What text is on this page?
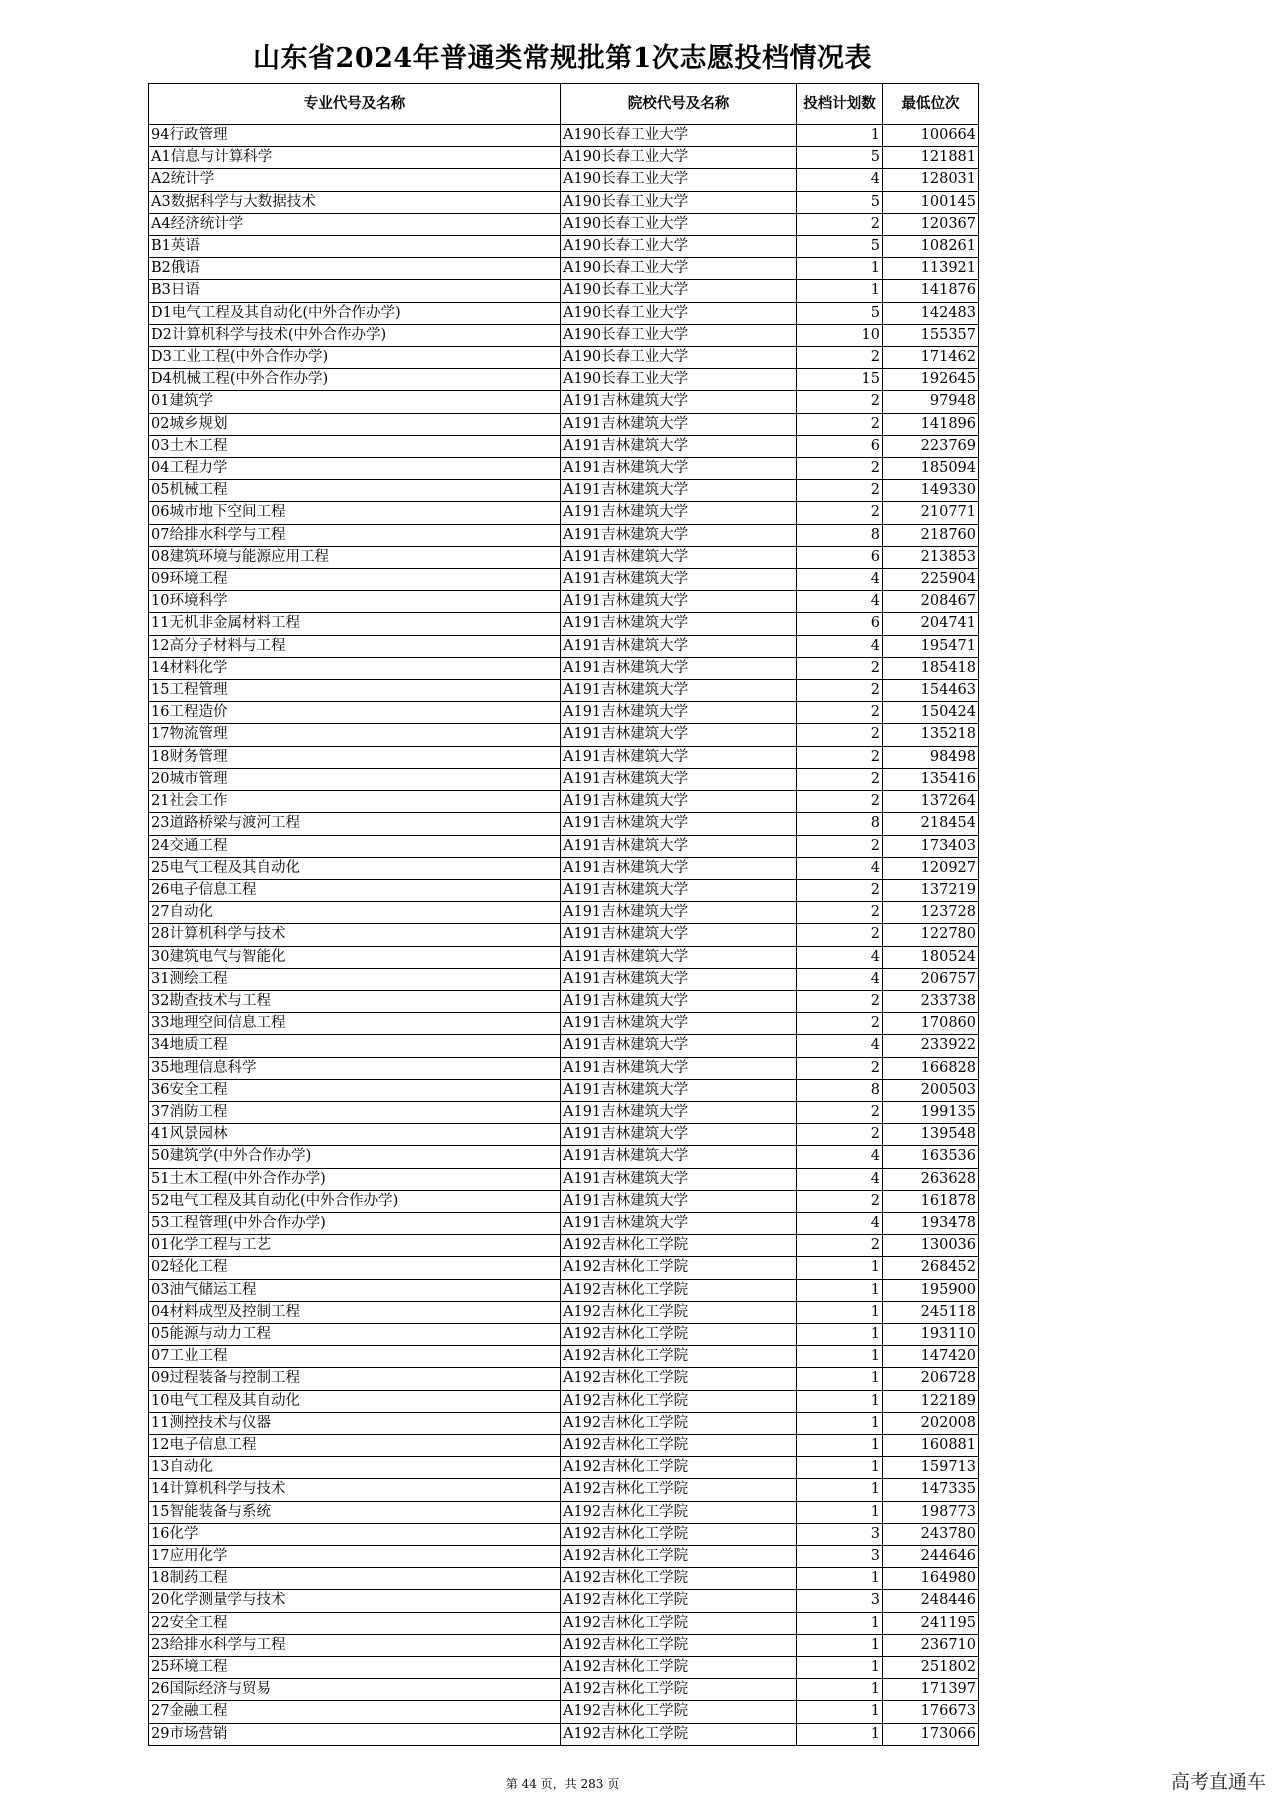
山东省2024年普通类常规批第1次志愿投档情况表
专业代号及名称	院校代号及名称	投档计划数	最低位次
94行政管理	A190长春工业大学	1	100664
A1信息与计算科学	A190长春工业大学	5	121881
A2统计学	A190长春工业大学	4	128031
A3数据科学与大数据技术	A190长春工业大学	5	100145
A4经济统计学	A190长春工业大学	2	120367
B1英语	A190长春工业大学	5	108261
B2俄语	A190长春工业大学	1	113921
B3日语	A190长春工业大学	1	141876
D1电气工程及其自动化(中外合作办学)	A190长春工业大学	5	142483
D2计算机科学与技术(中外合作办学)	A190长春工业大学	10	155357
D3工业工程(中外合作办学)	A190长春工业大学	2	171462
D4机械工程(中外合作办学)	A190长春工业大学	15	192645
01建筑学	A191吉林建筑大学	2	97948
02城乡规划	A191吉林建筑大学	2	141896
03土木工程	A191吉林建筑大学	6	223769
04工程力学	A191吉林建筑大学	2	185094
05机械工程	A191吉林建筑大学	2	149330
06城市地下空间工程	A191吉林建筑大学	2	210771
07给排水科学与工程	A191吉林建筑大学	8	218760
08建筑环境与能源应用工程	A191吉林建筑大学	6	213853
09环境工程	A191吉林建筑大学	4	225904
10环境科学	A191吉林建筑大学	4	208467
11无机非金属材料工程	A191吉林建筑大学	6	204741
12高分子材料与工程	A191吉林建筑大学	4	195471
14材料化学	A191吉林建筑大学	2	185418
15工程管理	A191吉林建筑大学	2	154463
16工程造价	A191吉林建筑大学	2	150424
17物流管理	A191吉林建筑大学	2	135218
18财务管理	A191吉林建筑大学	2	98498
20城市管理	A191吉林建筑大学	2	135416
21社会工作	A191吉林建筑大学	2	137264
23道路桥梁与渡河工程	A191吉林建筑大学	8	218454
24交通工程	A191吉林建筑大学	2	173403
25电气工程及其自动化	A191吉林建筑大学	4	120927
26电子信息工程	A191吉林建筑大学	2	137219
27自动化	A191吉林建筑大学	2	123728
28计算机科学与技术	A191吉林建筑大学	2	122780
30建筑电气与智能化	A191吉林建筑大学	4	180524
31测绘工程	A191吉林建筑大学	4	206757
32勘查技术与工程	A191吉林建筑大学	2	233738
33地理空间信息工程	A191吉林建筑大学	2	170860
34地质工程	A191吉林建筑大学	4	233922
35地理信息科学	A191吉林建筑大学	2	166828
36安全工程	A191吉林建筑大学	8	200503
37消防工程	A191吉林建筑大学	2	199135
41风景园林	A191吉林建筑大学	2	139548
50建筑学(中外合作办学)	A191吉林建筑大学	4	163536
51土木工程(中外合作办学)	A191吉林建筑大学	4	263628
52电气工程及其自动化(中外合作办学)	A191吉林建筑大学	2	161878
53工程管理(中外合作办学)	A191吉林建筑大学	4	193478
01化学工程与工艺	A192吉林化工学院	2	130036
02轻化工程	A192吉林化工学院	1	268452
03油气储运工程	A192吉林化工学院	1	195900
04材料成型及控制工程	A192吉林化工学院	1	245118
05能源与动力工程	A192吉林化工学院	1	193110
07工业工程	A192吉林化工学院	1	147420
09过程装备与控制工程	A192吉林化工学院	1	206728
10电气工程及其自动化	A192吉林化工学院	1	122189
11测控技术与仪器	A192吉林化工学院	1	202008
12电子信息工程	A192吉林化工学院	1	160881
13自动化	A192吉林化工学院	1	159713
14计算机科学与技术	A192吉林化工学院	1	147335
15智能装备与系统	A192吉林化工学院	1	198773
16化学	A192吉林化工学院	3	243780
17应用化学	A192吉林化工学院	3	244646
18制药工程	A192吉林化工学院	1	164980
20化学测量学与技术	A192吉林化工学院	3	248446
22安全工程	A192吉林化工学院	1	241195
23给排水科学与工程	A192吉林化工学院	1	236710
25环境工程	A192吉林化工学院	1	251802
26国际经济与贸易	A192吉林化工学院	1	171397
27金融工程	A192吉林化工学院	1	176673
29市场营销	A192吉林化工学院	1	173066
第 44 页，共 283 页	高考直通车
